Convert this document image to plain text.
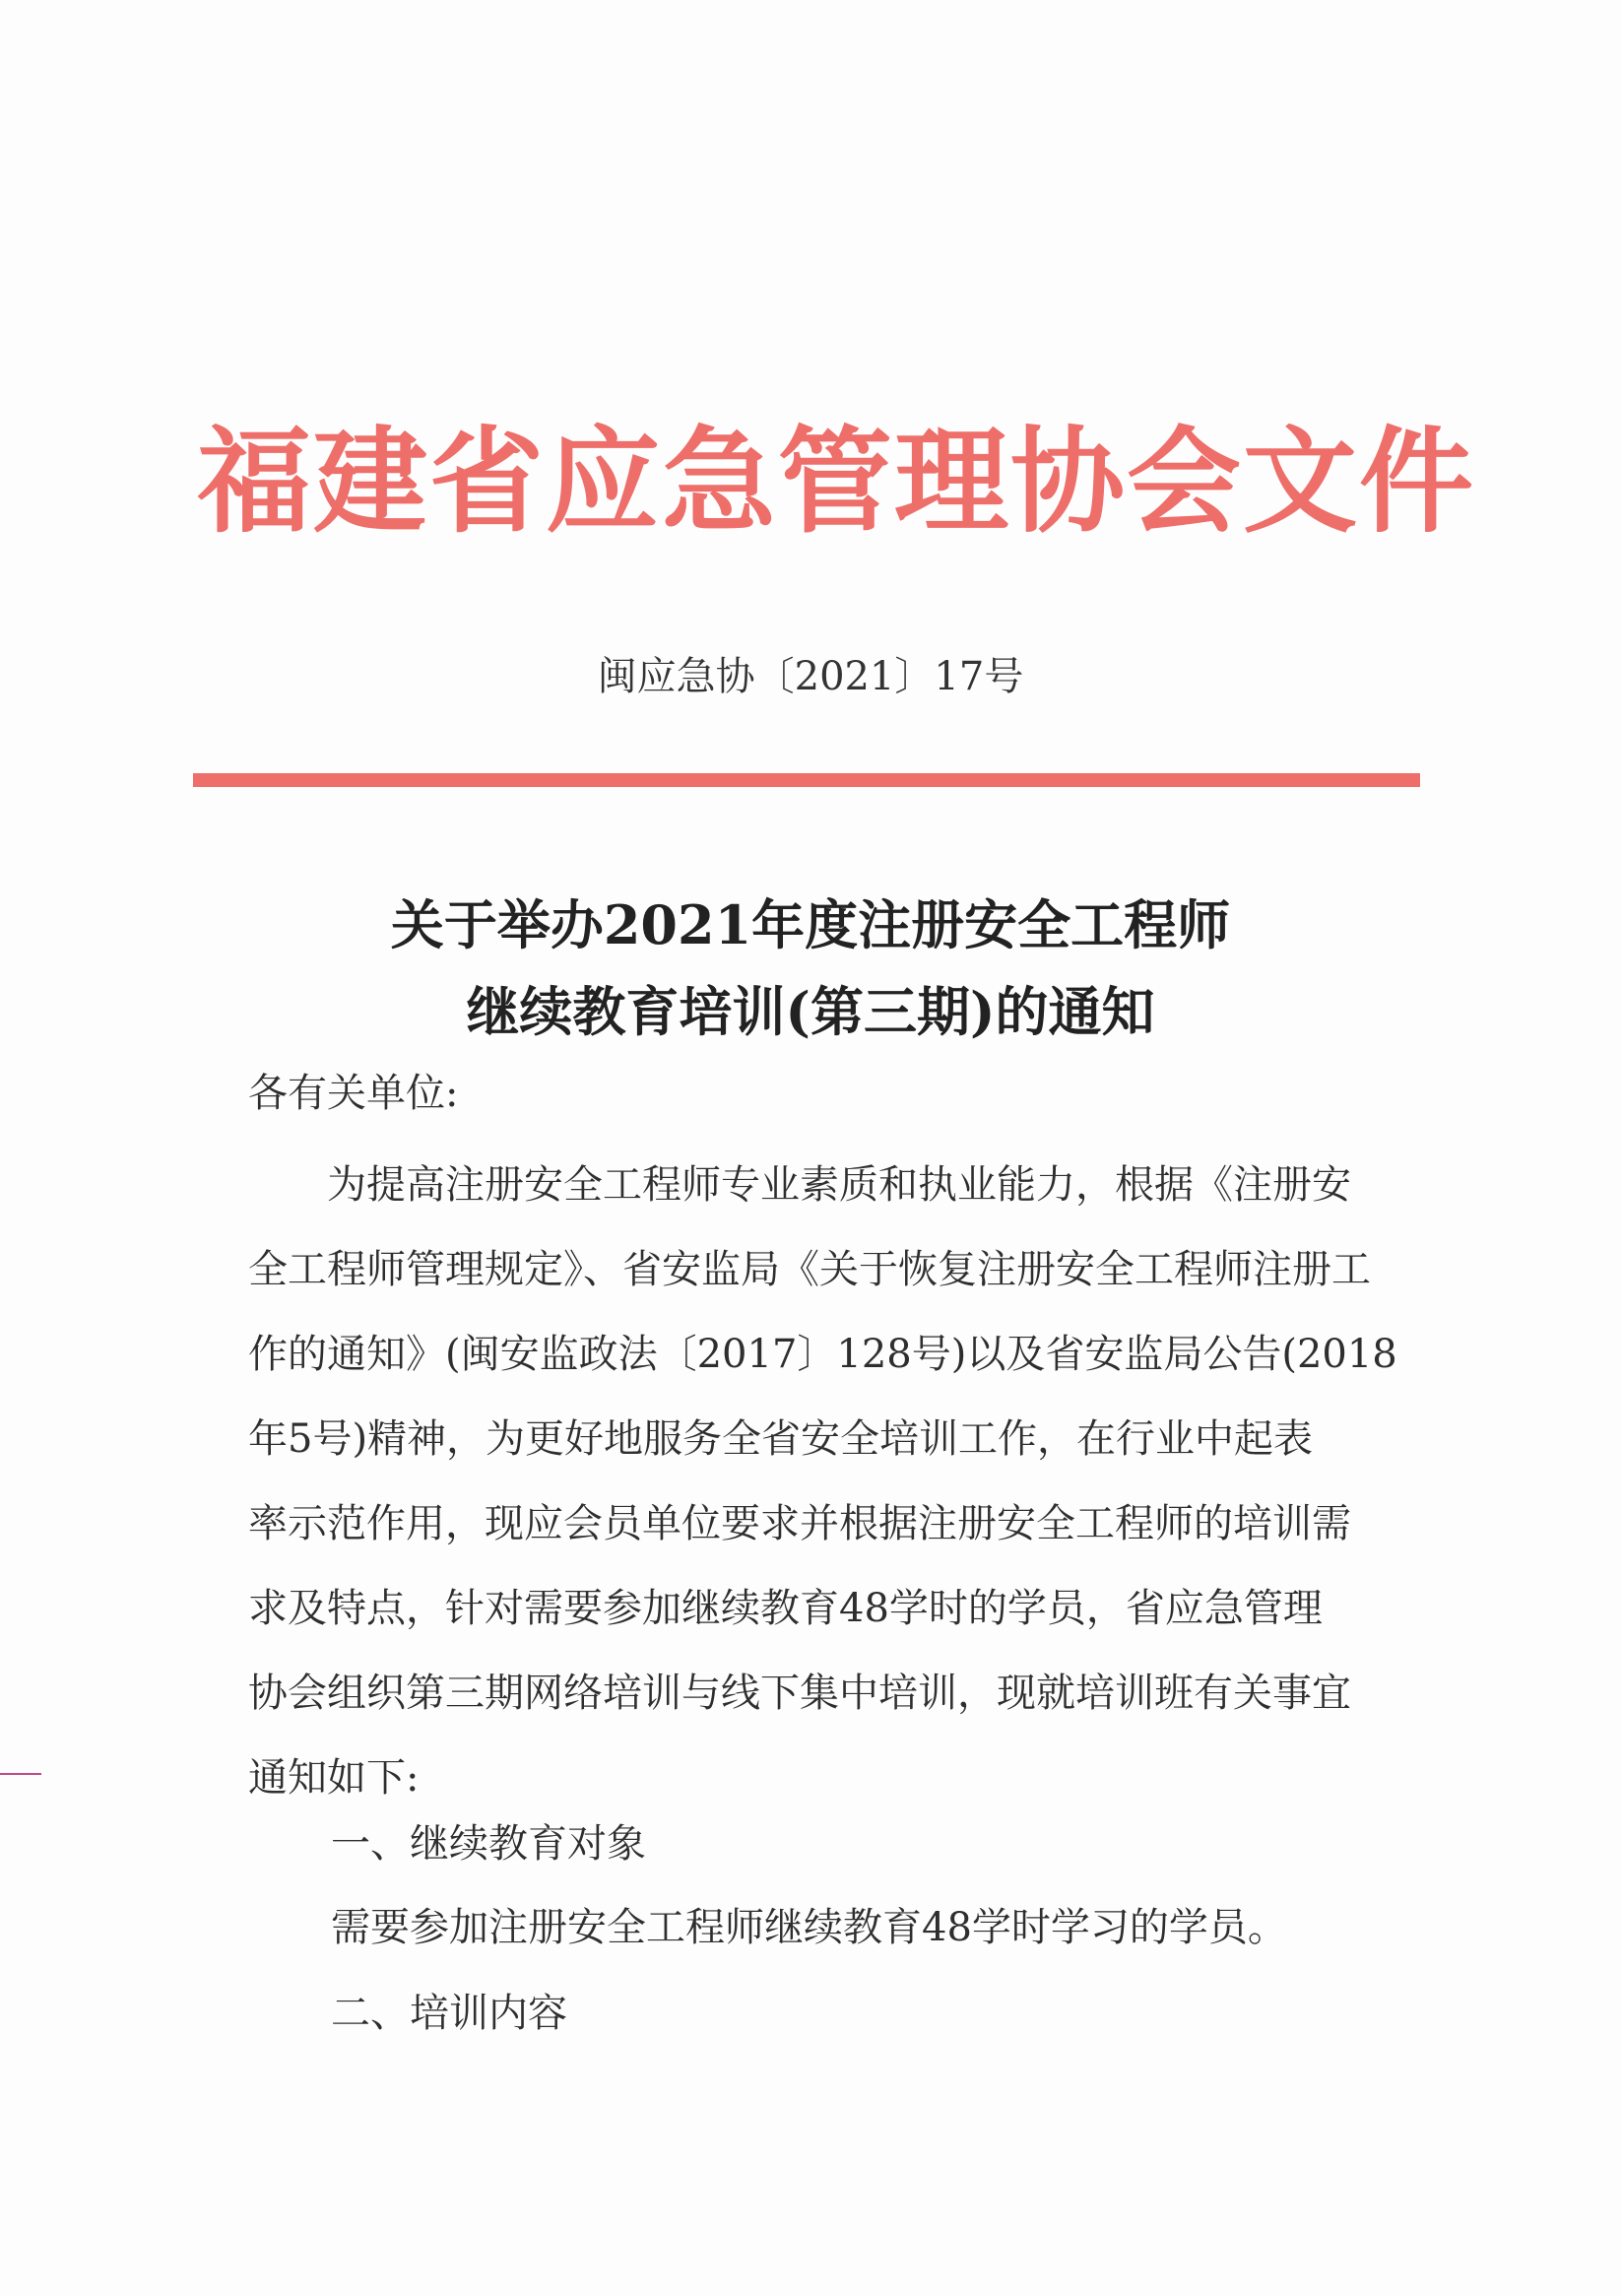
福建省应急管理协会文件
闽应急协〔2021〕17号
关于举办2021年度注册安全工程师
继续教育培训(第三期)的通知
各有关单位:
　　为提高注册安全工程师专业素质和执业能力，根据《注册安
全工程师管理规定》、省安监局《关于恢复注册安全工程师注册工
作的通知》(闽安监政法〔2017〕128号)以及省安监局公告(2018
年5号)精神，为更好地服务全省安全培训工作，在行业中起表
率示范作用，现应会员单位要求并根据注册安全工程师的培训需
求及特点，针对需要参加继续教育48学时的学员，省应急管理
协会组织第三期网络培训与线下集中培训，现就培训班有关事宜
通知如下:
一、继续教育对象
需要参加注册安全工程师继续教育48学时学习的学员。
二、培训内容
